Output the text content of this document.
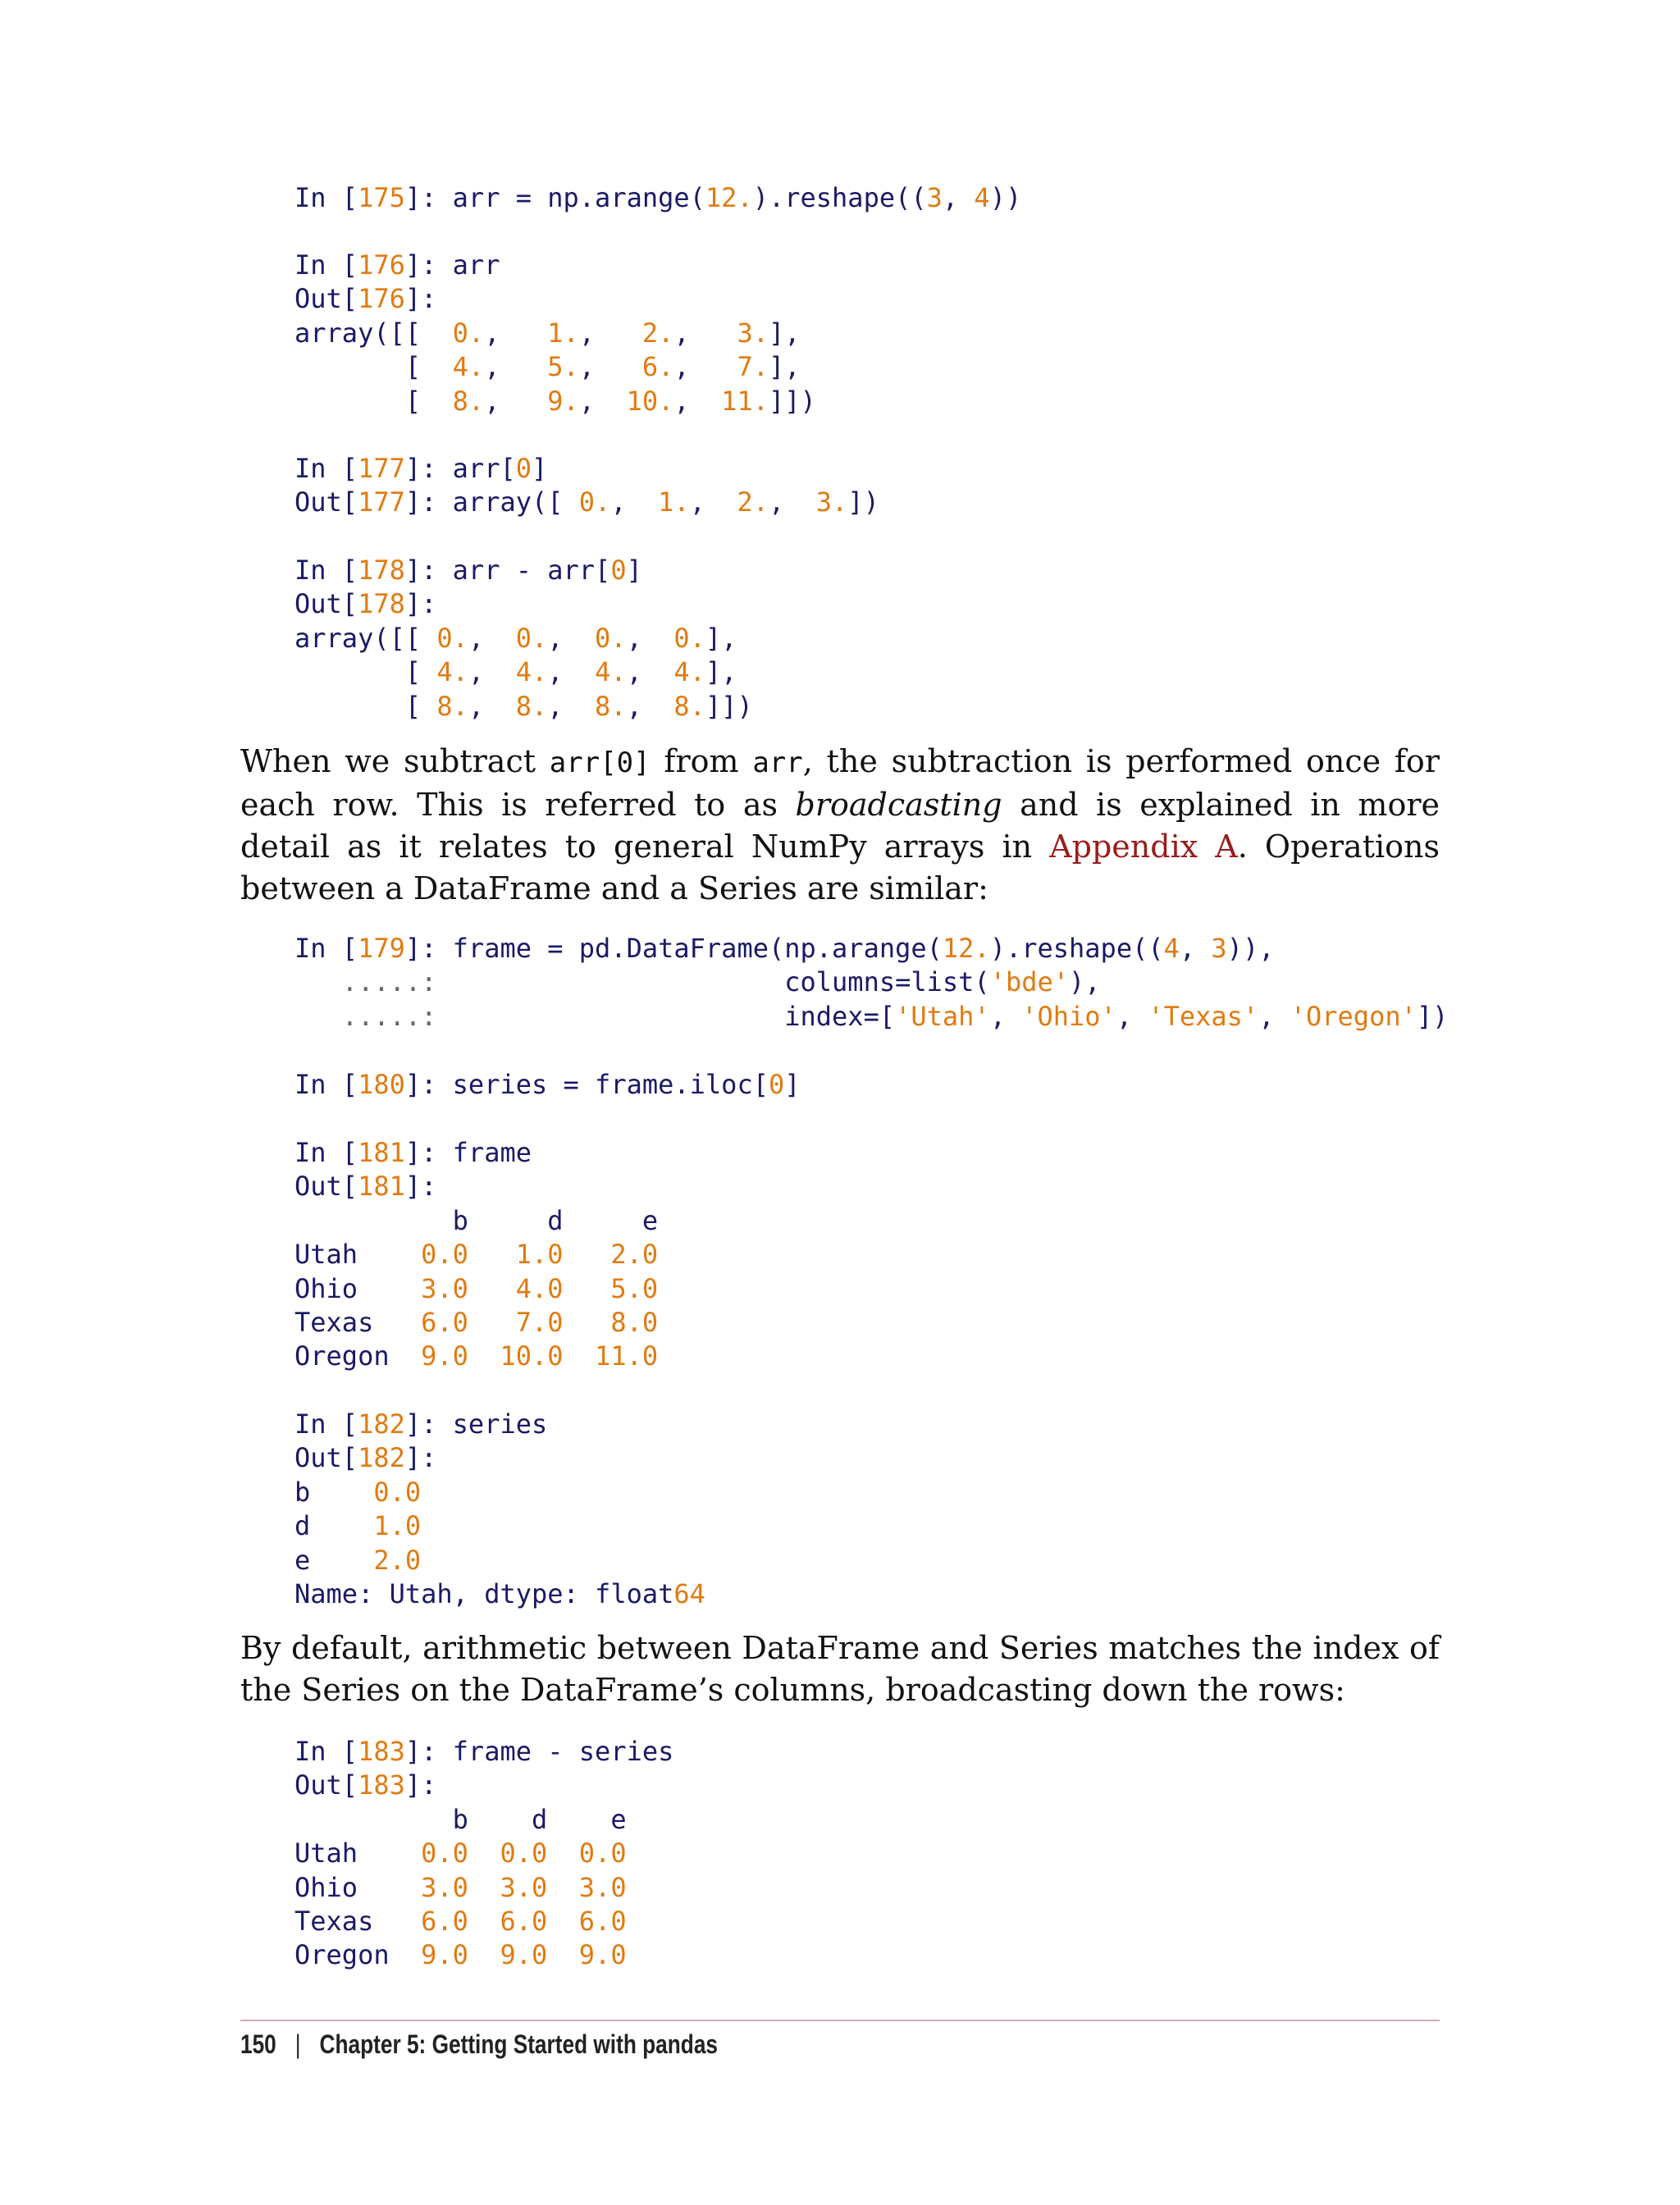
In [175]: arr = np.arange(12.).reshape((3, 4))
In [176]: arr
Out[176]:
array([[  0.,   1.,   2.,   3.],
[  4.,   5.,   6.,   7.],
[  8.,   9.,  10.,  11.]])
In [177]: arr[0]
Out[177]: array([ 0.,  1.,  2.,  3.])
In [178]: arr - arr[0]
Out[178]:
array([[ 0.,  0.,  0.,  0.],
[ 4.,  4.,  4.,  4.],
[ 8.,  8.,  8.,  8.]])

When we subtract arr[0] from arr, the subtraction is performed once for each row. This is referred to as broadcasting and is explained in more detail as it relates to general NumPy arrays in Appendix A. Operations between a DataFrame and a Series are similar:

In [179]: frame = pd.DataFrame(np.arange(12.).reshape((4, 3)),
.....:                      columns=list('bde'),
.....:                      index=['Utah', 'Ohio', 'Texas', 'Oregon'])
In [180]: series = frame.iloc[0]
In [181]: frame
Out[181]:
b     d     e
Utah    0.0 1.0 2.0
Ohio    3.0 4.0 5.0
Texas   6.0 7.0 8.0
Oregon  9.0 10.0 11.0
In [182]: series
Out[182]:
b    0.0
d    1.0
e    2.0
Name: Utah, dtype: float64

By default, arithmetic between DataFrame and Series matches the index of the Series on the DataFrame’s columns, broadcasting down the rows:

In [183]: frame - series
Out[183]:
b    d    e
Utah    0.0 0.0 0.0
Ohio    3.0 3.0 3.0
Texas   6.0 6.0 6.0
Oregon  9.0 9.0 9.0
150 | Chapter 5: Getting Started with pandas
